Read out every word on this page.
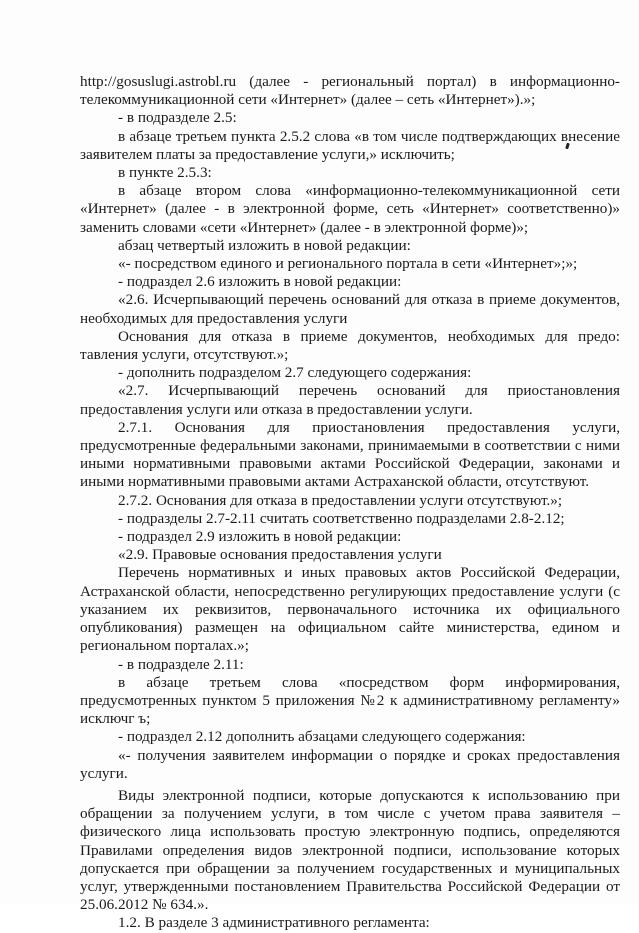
http://gosuslugi.astrobl.ru (далее - региональный портал) в информационно-телекоммуникационной сети «Интернет» (далее – сеть «Интернет»).»;

- в подразделе 2.5:

в абзаце третьем пункта 2.5.2 слова «в том числе подтверждающих внесение заявителем платы за предоставление услуги,» исключить;

в пункте 2.5.3:

в абзаце втором слова «информационно-телекоммуникационной сети «Интернет» (далее - в электронной форме, сеть «Интернет» соответственно)» заменить словами «сети «Интернет» (далее - в электронной форме)»;

абзац четвертый изложить в новой редакции:

«- посредством единого и регионального портала в сети «Интернет»;»;

- подраздел 2.6 изложить в новой редакции:

«2.6. Исчерпывающий перечень оснований для отказа в приеме документов, необходимых для предоставления услуги

Основания для отказа в приеме документов, необходимых для предо: тавления услуги, отсутствуют.»;

- дополнить подразделом 2.7 следующего содержания:

«2.7. Исчерпывающий перечень оснований для приостановления предоставления услуги или отказа в предоставлении услуги.

2.7.1. Основания для приостановления предоставления услуги, предусмотренные федеральными законами, принимаемыми в соответствии с ними иными нормативными правовыми актами Российской Федерации, законами и иными нормативными правовыми актами Астраханской области, отсутствуют.

2.7.2. Основания для отказа в предоставлении услуги отсутствуют.»;

- подразделы 2.7-2.11 считать соответственно подразделами 2.8-2.12;

- подраздел 2.9 изложить в новой редакции:

«2.9. Правовые основания предоставления услуги

Перечень нормативных и иных правовых актов Российской Федерации, Астраханской области, непосредственно регулирующих предоставление услуги (с указанием их реквизитов, первоначального источника их официального опубликования) размещен на официальном сайте министерства, едином и региональном порталах.»;

- в подразделе 2.11:

в абзаце третьем слова «посредством форм информирования, предусмотренных пунктом 5 приложения №2 к административному регламенту» исключг ъ;

- подраздел 2.12 дополнить абзацами следующего содержания:

«- получения заявителем информации о порядке и сроках предоставления услуги.

Виды электронной подписи, которые допускаются к использованию при обращении за получением услуги, в том числе с учетом права заявителя – физического лица использовать простую электронную подпись, определяются Правилами определения видов электронной подписи, использование которых допускается при обращении за получением государственных и муниципальных услуг, утвержденными постановлением Правительства Российской Федерации от 25.06.2012 № 634.».

1.2. В разделе 3 административного регламента:
